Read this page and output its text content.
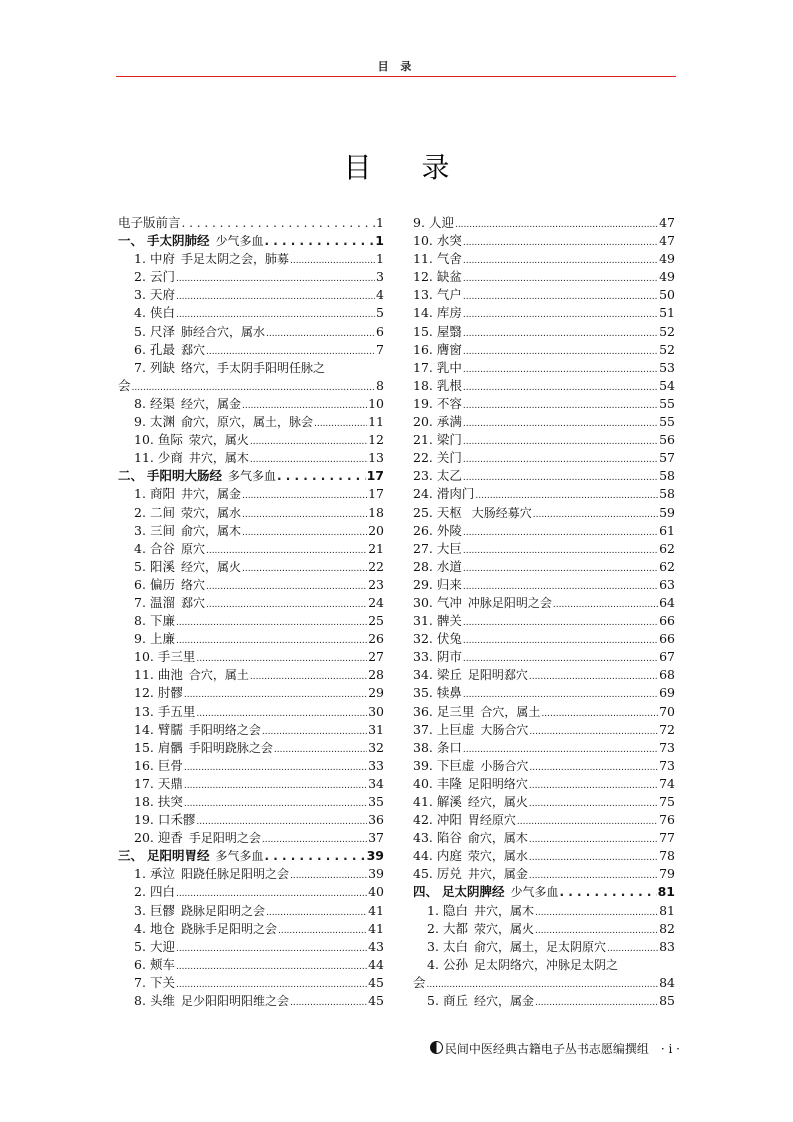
目 录
目录
电子版前言 . . .	1
一、 手太阴肺经 少气多血 . . .	1
1. 中府 手足太阴之会，肺募 .....	1
2. 云门 .....	3
3. 天府 .....	4
4. 侠白 .....	5
5. 尺泽 肺经合穴，属水 .....	6
6. 孔最 郄穴 .....	7
7. 列缺 络穴，手太阴手阳明任脉之
会 .....	8
8. 经渠 经穴，属金 .....	10
9. 太渊 俞穴，原穴，属土，脉会 .....	11
10. 鱼际 荥穴，属火 .....	12
11. 少商 井穴，属木 .....	13
二、 手阳明大肠经 多气多血 . . .	17
1. 商阳 井穴，属金 .....	17
2. 二间 荥穴，属水 .....	18
3. 三间 俞穴，属木 .....	20
4. 合谷 原穴 .....	21
5. 阳溪 经穴，属火 .....	22
6. 偏历 络穴 .....	23
7. 温溜 郄穴 .....	24
8. 下廉 .....	25
9. 上廉 .....	26
10. 手三里 .....	27
11. 曲池 合穴，属土 .....	28
12. 肘髎 .....	29
13. 手五里 .....	30
14. 臂臑 手阳明络之会 .....	31
15. 肩髃 手阳明跷脉之会 .....	32
16. 巨骨 .....	33
17. 天鼎 .....	34
18. 扶突 .....	35
19. 口禾髎 .....	36
20. 迎香 手足阳明之会 .....	37
三、 足阳明胃经 多气多血 . . .	39
1. 承泣 阳跷任脉足阳明之会 .....	39
2. 四白 .....	40
3. 巨髎 跷脉足阳明之会 .....	41
4. 地仓 跷脉手足阳明之会 .....	41
5. 大迎 .....	43
6. 颊车 .....	44
7. 下关 .....	45
8. 头维 足少阳阳明阳维之会 .....	45
9. 人迎 .....	47
10. 水突 .....	47
11. 气舍 .....	49
12. 缺盆 .....	49
13. 气户 .....	50
14. 库房 .....	51
15. 屋翳 .....	52
16. 膺窗 .....	52
17. 乳中 .....	53
18. 乳根 .....	54
19. 不容 .....	55
20. 承满 .....	55
21. 梁门 .....	56
22. 关门 .....	57
23. 太乙 .....	58
24. 滑肉门 .....	58
25. 天枢 大肠经募穴 .....	59
26. 外陵 .....	61
27. 大巨 .....	62
28. 水道 .....	62
29. 归来 .....	63
30. 气冲 冲脉足阳明之会 .....	64
31. 髀关 .....	66
32. 伏兔 .....	66
33. 阴市 .....	67
34. 梁丘 足阳明郄穴 .....	68
35. 犊鼻 .....	69
36. 足三里 合穴，属土 .....	70
37. 上巨虚 大肠合穴 .....	72
38. 条口 .....	73
39. 下巨虚 小肠合穴 .....	73
40. 丰隆 足阳明络穴 .....	74
41. 解溪 经穴，属火 .....	75
42. 冲阳 胃经原穴 .....	76
43. 陷谷 俞穴，属木 .....	77
44. 内庭 荥穴，属水 .....	78
45. 厉兑 井穴，属金 .....	79
四、 足太阴脾经 少气多血 . . .	81
1. 隐白 井穴，属木 .....	81
2. 大都 荥穴，属火 .....	82
3. 太白 俞穴，属土，足太阴原穴 .....	83
4. 公孙 足太阴络穴，冲脉足太阴之
会 .....	84
5. 商丘 经穴，属金 .....	85
民间中医经典古籍电子丛书志愿编撰组 · i ·
